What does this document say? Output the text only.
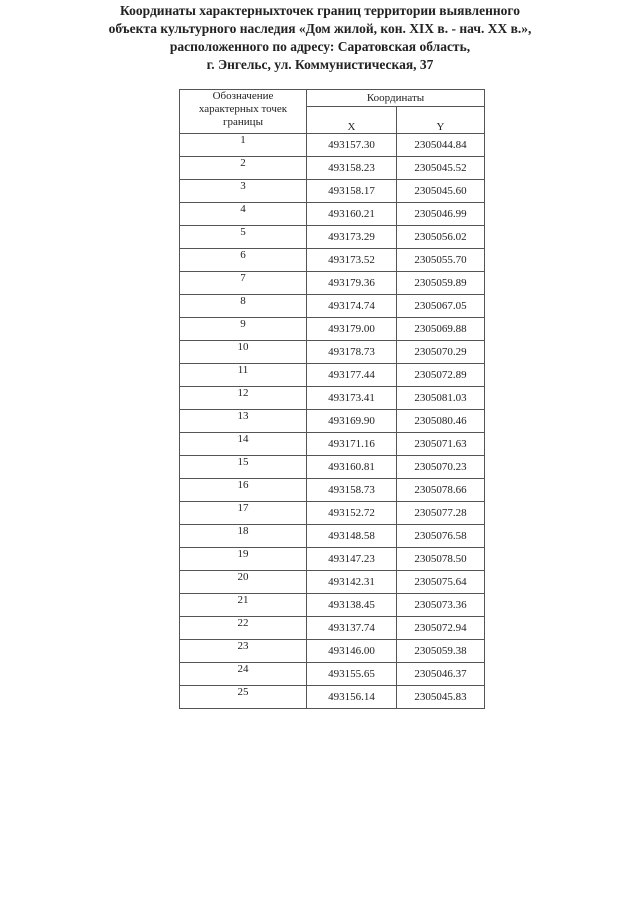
Координаты характерныхточек границ территории выявленного
объекта культурного наследия «Дом жилой, кон. XIX в. - нач. XX в.»,
расположенного по адресу: Саратовская область,
г. Энгельс, ул. Коммунистическая, 37
Обозначение
характерных точек
границы	Координаты	
	X	Y
1	493157.30	2305044.84
2	493158.23	2305045.52
3	493158.17	2305045.60
4	493160.21	2305046.99
5	493173.29	2305056.02
6	493173.52	2305055.70
7	493179.36	2305059.89
8	493174.74	2305067.05
9	493179.00	2305069.88
10	493178.73	2305070.29
11	493177.44	2305072.89
12	493173.41	2305081.03
13	493169.90	2305080.46
14	493171.16	2305071.63
15	493160.81	2305070.23
16	493158.73	2305078.66
17	493152.72	2305077.28
18	493148.58	2305076.58
19	493147.23	2305078.50
20	493142.31	2305075.64
21	493138.45	2305073.36
22	493137.74	2305072.94
23	493146.00	2305059.38
24	493155.65	2305046.37
25	493156.14	2305045.83
